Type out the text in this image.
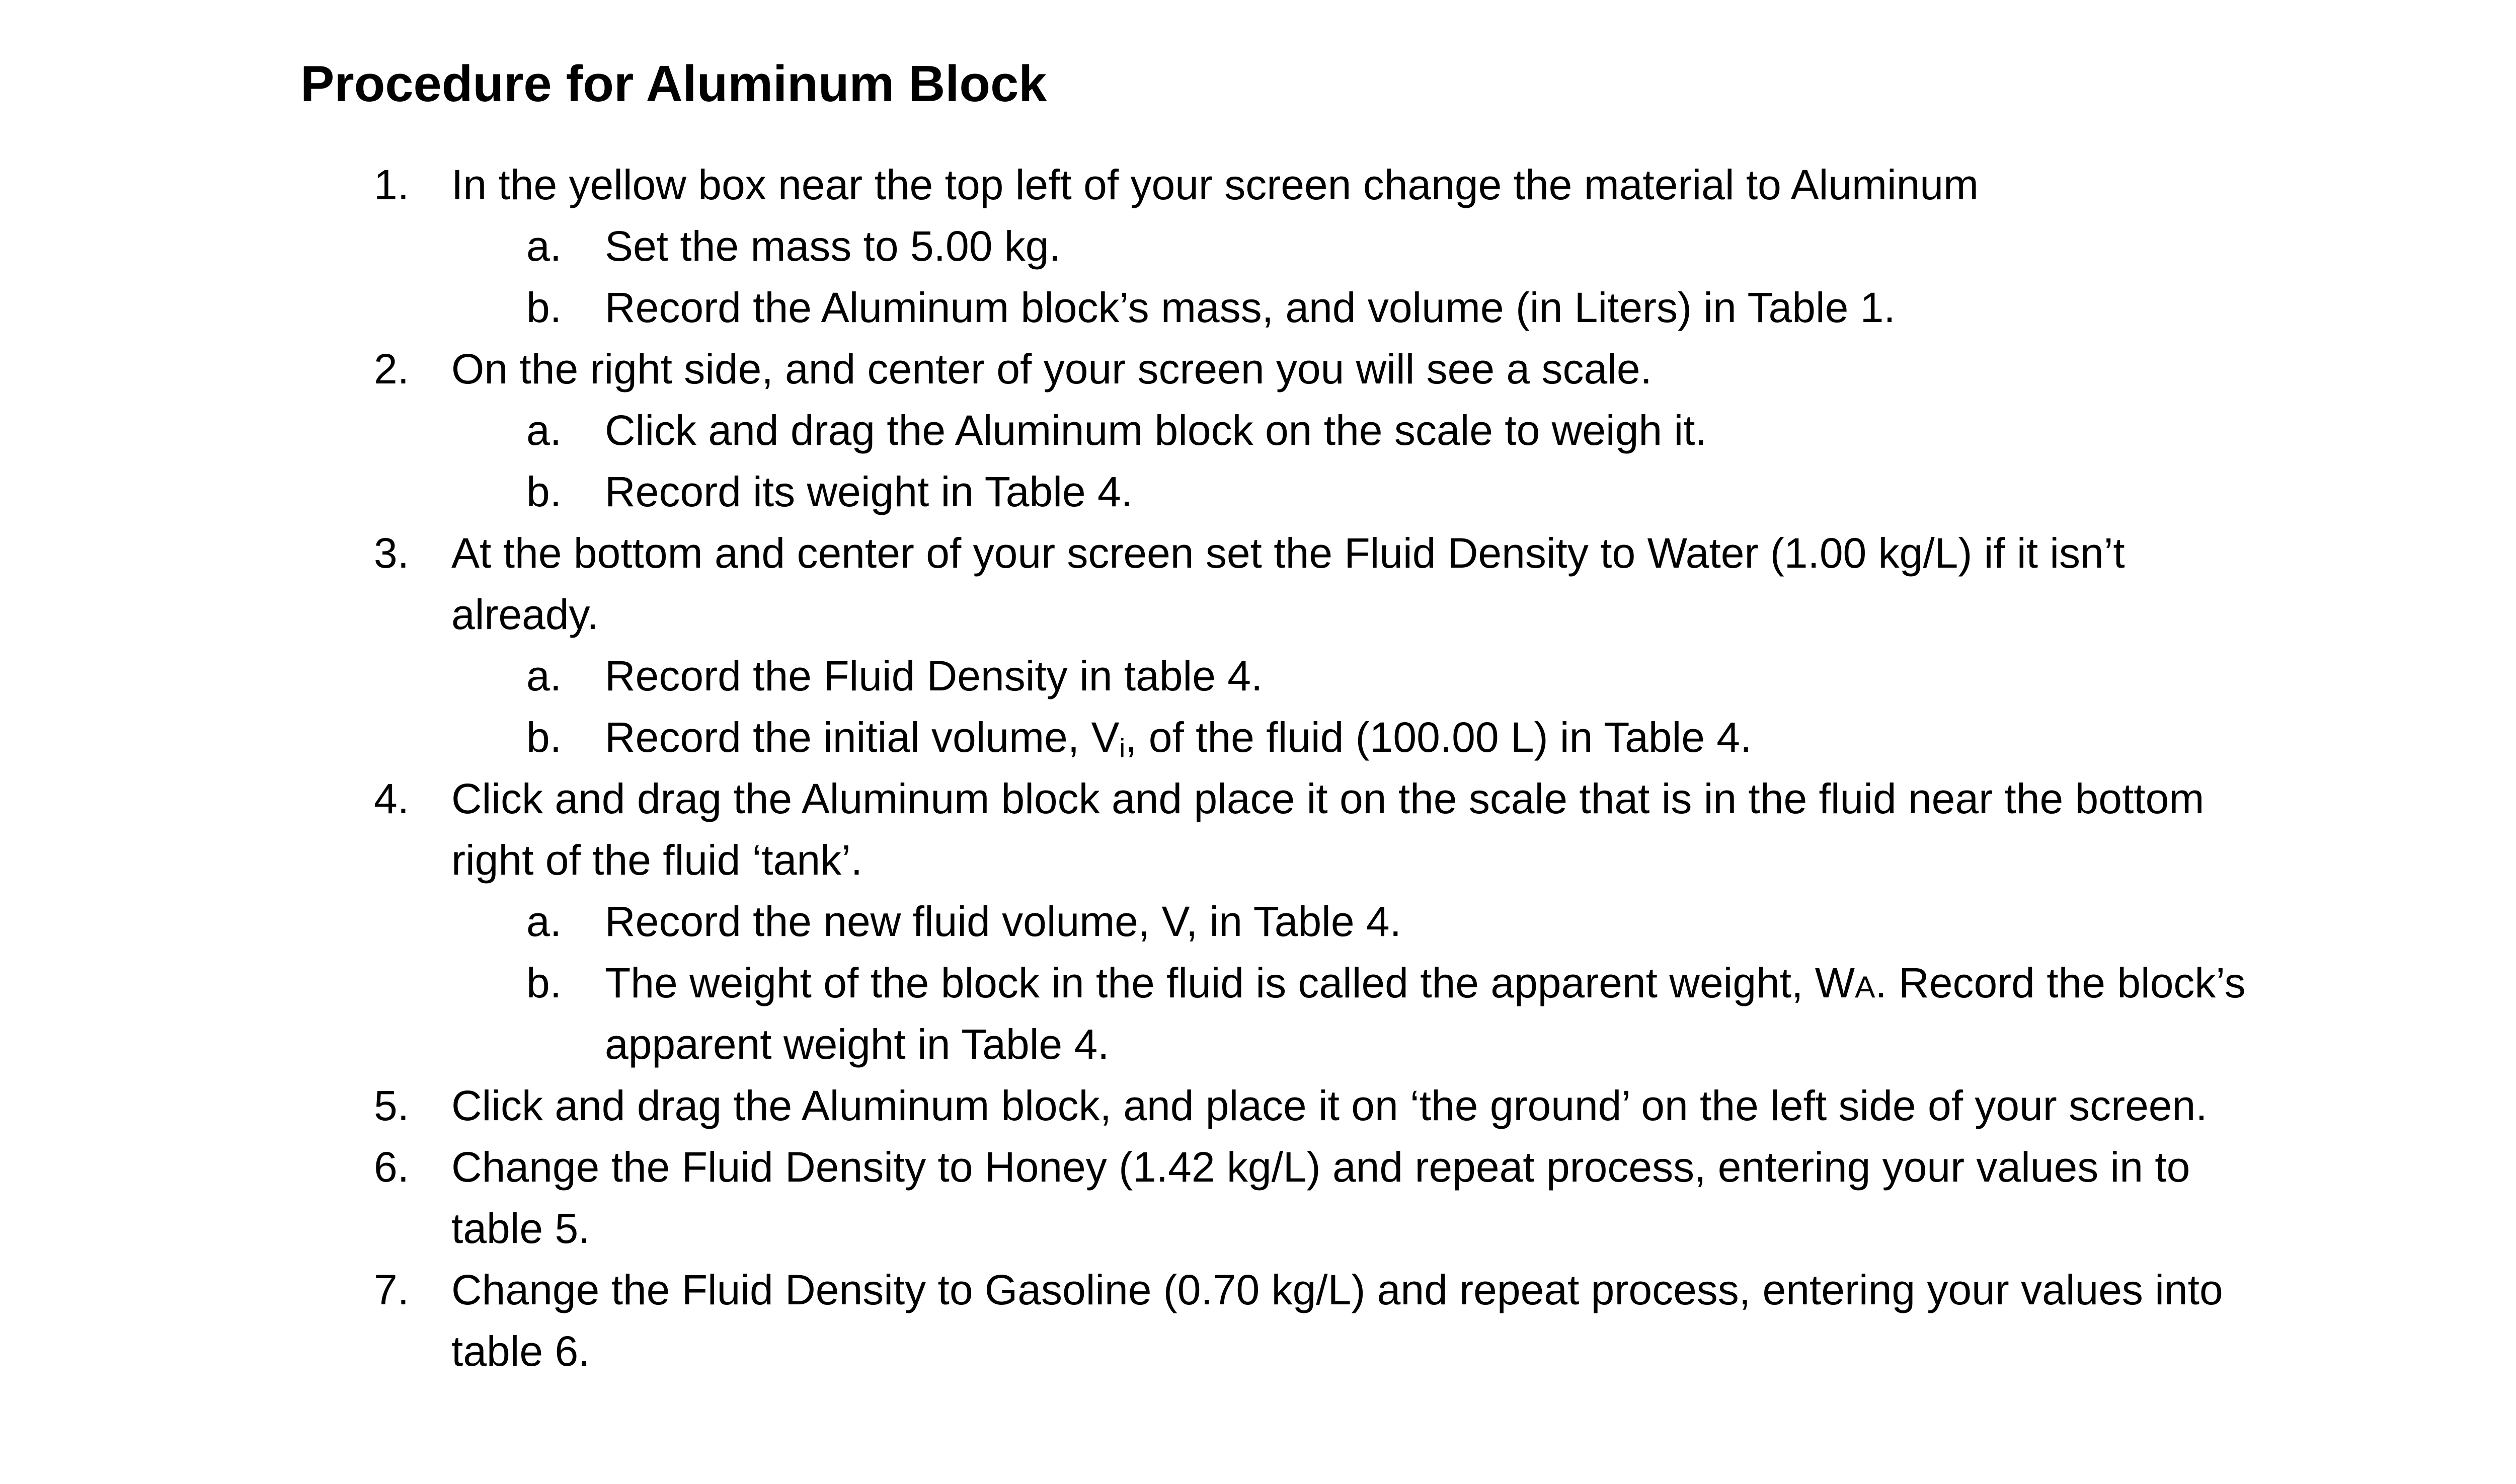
Procedure for Aluminum Block
1. In the yellow box near the top left of your screen change the material to Aluminum
a. Set the mass to 5.00 kg.
b. Record the Aluminum block’s mass, and volume (in Liters) in Table 1.
2. On the right side, and center of your screen you will see a scale.
a. Click and drag the Aluminum block on the scale to weigh it.
b. Record its weight in Table 4.
3. At the bottom and center of your screen set the Fluid Density to Water (1.00 kg/L) if it isn’t
already.
a. Record the Fluid Density in table 4.
b. Record the initial volume, $V_i$, of the fluid (100.00 L) in Table 4.
4. Click and drag the Aluminum block and place it on the scale that is in the fluid near the bottom
right of the fluid ‘tank’.
a. Record the new fluid volume, V, in Table 4.
b. The weight of the block in the fluid is called the apparent weight, WA. Record the block’s
apparent weight in Table 4.
5. Click and drag the Aluminum block, and place it on ‘the ground’ on the left side of your screen.
6. Change the Fluid Density to Honey (1.42 kg/L) and repeat process, entering your values in to
table 5.
7. Change the Fluid Density to Gasoline (0.70 kg/L) and repeat process, entering your values into
table 6.
